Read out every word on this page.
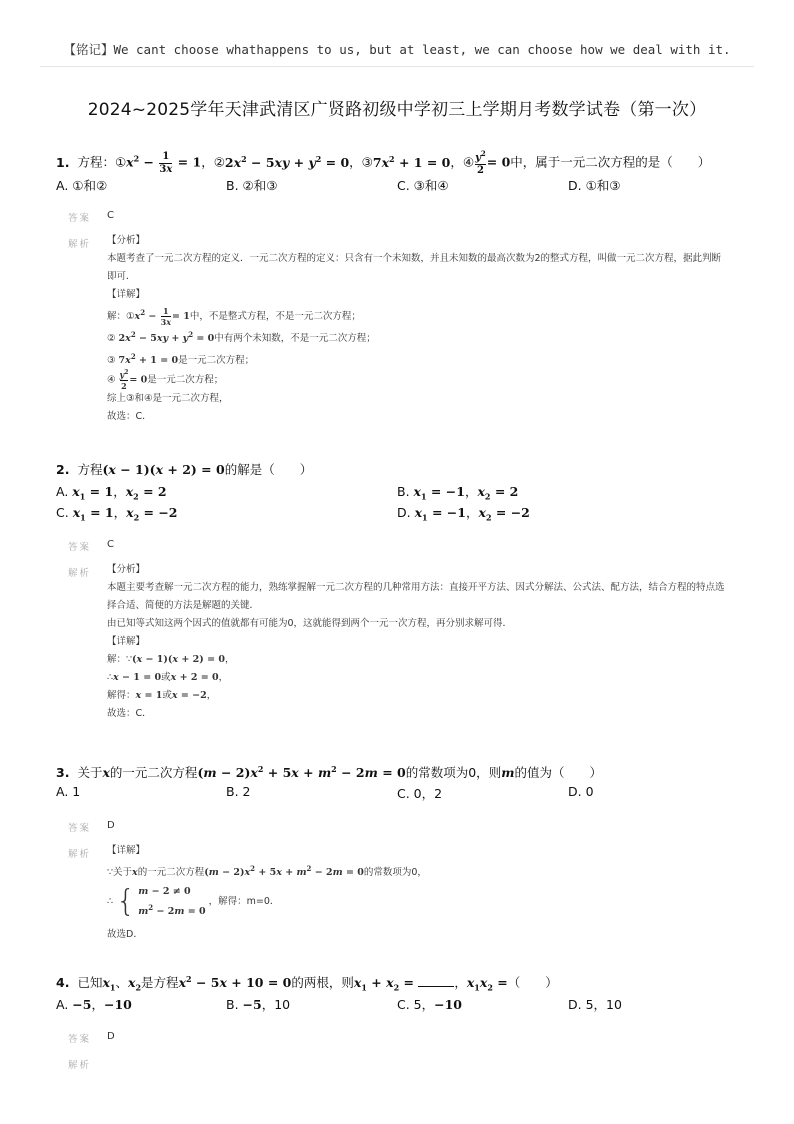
【铭记】We cant choose whathappens to us, but at least, we can choose how we deal with it.
2024~2025学年天津武清区广贤路初级中学初三上学期月考数学试卷（第一次）
1. 方程：$①x^2 - \frac{1}{3x} = 1$，$②2x^2 - 5xy + y^2 = 0$，$③7x^2 + 1 = 0$，④ $\frac{y^2}{2} = 0$中，属于一元二次方程的是（　　）
A. ①和②	B. ②和③	C. ③和④	D. ①和③
答案 C
解析 【分析】
本题考查了一元二次方程的定义．一元二次方程的定义：只含有一个未知数，并且未知数的最高次数为2的整式方程，叫做一元二次方程，据此判断即可．
【详解】
解：$①x^2 - \frac{1}{3x} = 1$中，不是整式方程，不是一元二次方程；
② $2x^2 - 5xy + y^2 = 0$中有两个未知数，不是一元二次方程；
③ $7x^2 + 1 = 0$是一元二次方程；
④ $\frac{y^2}{2} = 0$是一元二次方程；
综上③和④是一元二次方程，
故选：C．
2. 方程(x − 1)(x + 2) = 0的解是（　　）
A. $x_1 = 1$，$x_2 = 2$	B. $x_1 = -1$，$x_2 = 2$
C. $x_1 = 1$，$x_2 = -2$	D. $x_1 = -1$，$x_2 = -2$
答案 C
解析 【分析】
本题主要考查解一元二次方程的能力，熟练掌握解一元二次方程的几种常用方法：直接开平方法、因式分解法、公式法、配方法，结合方程的特点选择合适、简便的方法是解题的关键．
由已知等式知这两个因式的值就都有可能为0，这就能得到两个一元一次方程，再分别求解可得．
【详解】
解：∵(x − 1)(x + 2) = 0，
∴x − 1 = 0或x + 2 = 0，
解得：x = 1或x = −2，
故选：C．
3. 关于x的一元二次方程$(m - 2)x^2 + 5x + m^2 - 2m = 0$的常数项为0，则m的值为（　　）
A. 1	B. 2	C. 0，2	D. 0
答案 D
解析 【详解】
∵关于x的一元二次方程$(m - 2)x^2 + 5x + m^2 - 2m = 0$的常数项为0，
∴ { m − 2 ≠ 0
$m^2 - 2m = 0$
，解得：m=0．
故选D．
4. 已知$x_1$、$x_2$是方程$x^2 - 5x + 10 = 0$的两根，则$x_1 + x_2$ =	，$x_1x_2$ =（　　）
A. −5，−10	B. −5，10	C. 5，−10	D. 5，10
答案 D
解析
